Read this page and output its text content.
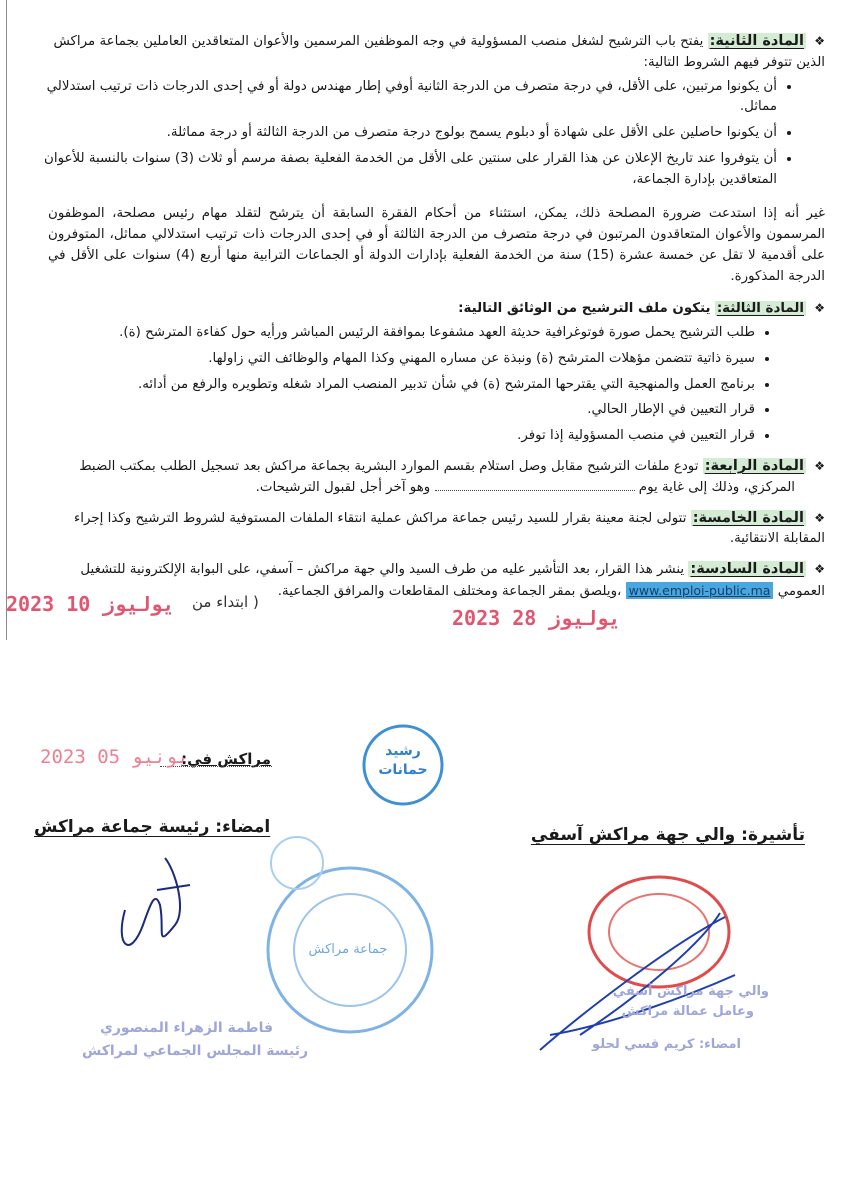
❖ المادة الثانية: يفتح باب الترشيح لشغل منصب المسؤولية في وجه الموظفين المرسمين والأعوان المتعاقدين العاملين بجماعة مراكش الذين تتوفر فيهم الشروط التالية:
• أن يكونوا مرتبين، على الأقل، في درجة متصرف من الدرجة الثانية أوفي إطار مهندس دولة أو في إحدى الدرجات ذات ترتيب استدلالي مماثل.
• أن يكونوا حاصلين على الأقل على شهادة أو دبلوم يسمح بولوج درجة متصرف من الدرجة الثالثة أو درجة مماثلة.
• أن يتوفروا عند تاريخ الإعلان عن هذا القرار على سنتين على الأقل من الخدمة الفعلية بصفة مرسم أو ثلاث (3) سنوات بالنسبة للأعوان المتعاقدين بإدارة الجماعة،

غير أنه إذا استدعت ضرورة المصلحة ذلك، يمكن، استثناء من أحكام الفقرة السابقة أن يترشح لتقلد مهام رئيس مصلحة، الموظفون المرسمون والأعوان المتعاقدون المرتبون في درجة متصرف من الدرجة الثالثة أو في إحدى الدرجات ذات ترتيب استدلالي مماثل، المتوفرون على أقدمية لا تقل عن خمسة عشرة (15) سنة من الخدمة الفعلية بإدارات الدولة أو الجماعات الترابية منها أربع (4) سنوات على الأقل في الدرجة المذكورة.

❖ المادة الثالثة: يتكون ملف الترشيح من الوثائق التالية:
• طلب الترشيح يحمل صورة فوتوغرافية حديثة العهد مشفوعا بموافقة الرئيس المباشر ورأيه حول كفاءة المترشح (ة).
• سيرة ذاتية تتضمن مؤهلات المترشح (ة) ونبذة عن مساره المهني وكذا المهام والوظائف التي زاولها.
• برنامج العمل والمنهجية التي يقترحها المترشح (ة) في شأن تدبير المنصب المراد شغله وتطويره والرفع من أدائه.
• قرار التعيين في الإطار الحالي.
• قرار التعيين في منصب المسؤولية إذا توفر.
❖ المادة الرابعة: تودع ملفات الترشيح مقابل وصل استلام بقسم الموارد البشرية بجماعة مراكش بعد تسجيل الطلب بمكتب الضبط
المركزي، وذلك إلى غاية يوم  وهو آخر أجل لقبول الترشيحات.
❖ المادة الخامسة: تتولى لجنة معينة بقرار للسيد رئيس جماعة مراكش عملية انتقاء الملفات المستوفية لشروط الترشيح وكذا إجراء المقابلة الانتقائية.
❖ المادة السادسة: ينشر هذا القرار، بعد التأشير عليه من طرف السيد والي جهة مراكش – آسفي، على البوابة الإلكترونية للتشغيل العمومي www.emploi-public.ma ،ويلصق بمقر الجماعة ومختلف المقاطعات والمرافق الجماعية.
2023 يوليوز 28
2023 يوليوز 10 ( ابتداء من
مراكش في:
2023 يونيو 05	رشيد
حمانات
امضاء: رئيسة جماعة مراكش	تأشيرة: والي جهة مراكش آسفي
جماعة مراكش
فاطمة الزهراء المنصوري
رئيسة المجلس الجماعي لمراكش
والي جهة مراكش آسفي
وعامل عمالة مراكش
امضاء: كريم قسي لحلو
